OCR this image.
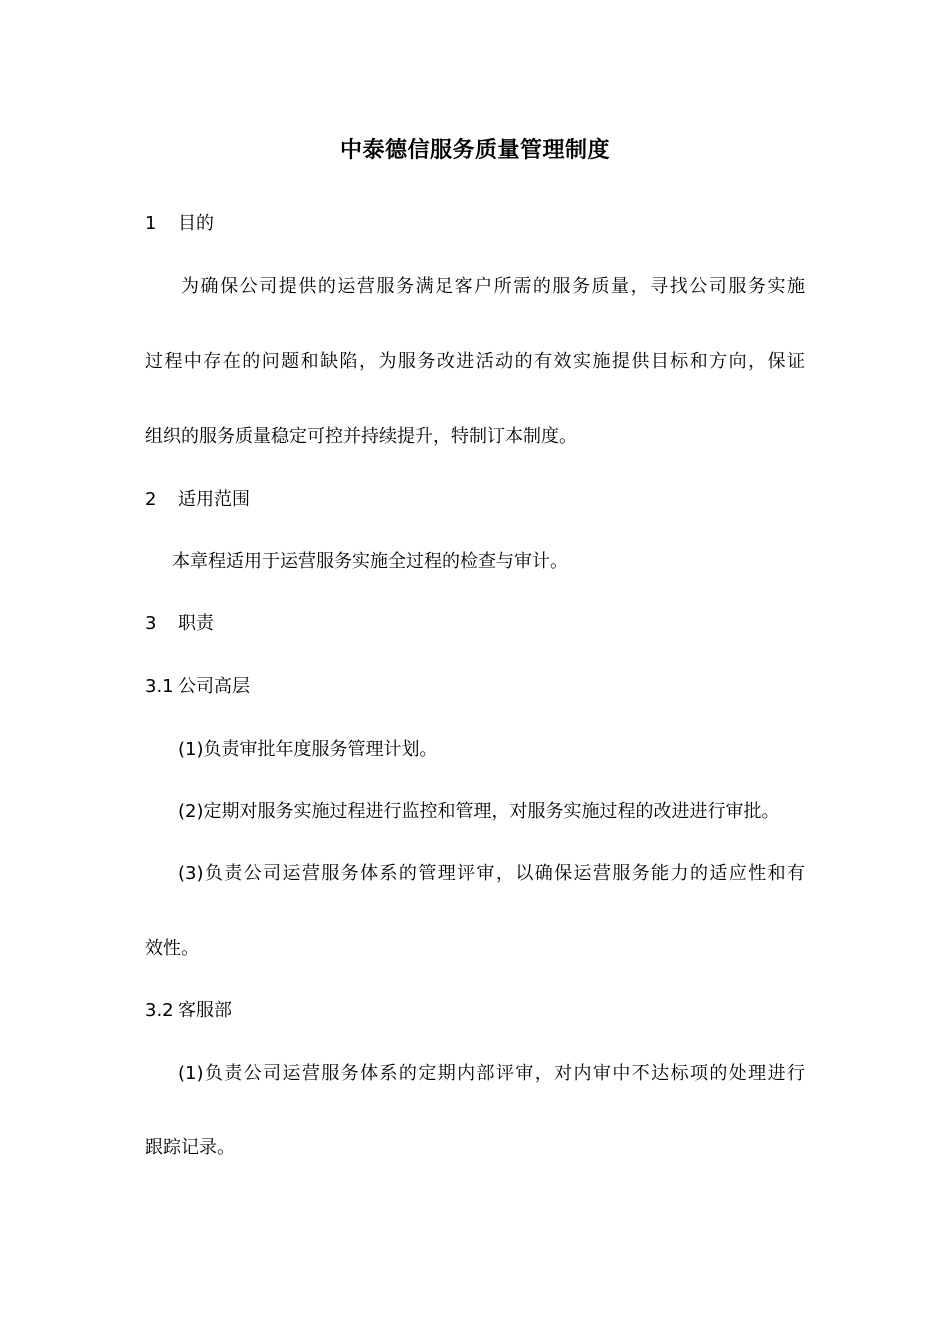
中泰德信服务质量管理制度
1 目的
为确保公司提供的运营服务满足客户所需的服务质量，寻找公司服务实施
过程中存在的问题和缺陷，为服务改进活动的有效实施提供目标和方向，保证
组织的服务质量稳定可控并持续提升，特制订本制度。
2 适用范围
本章程适用于运营服务实施全过程的检查与审计。
3 职责
3.1 公司高层
(1)负责审批年度服务管理计划。
(2)定期对服务实施过程进行监控和管理，对服务实施过程的改进进行审批。
(3)负责公司运营服务体系的管理评审，以确保运营服务能力的适应性和有
效性。
3.2 客服部
(1)负责公司运营服务体系的定期内部评审，对内审中不达标项的处理进行
跟踪记录。
